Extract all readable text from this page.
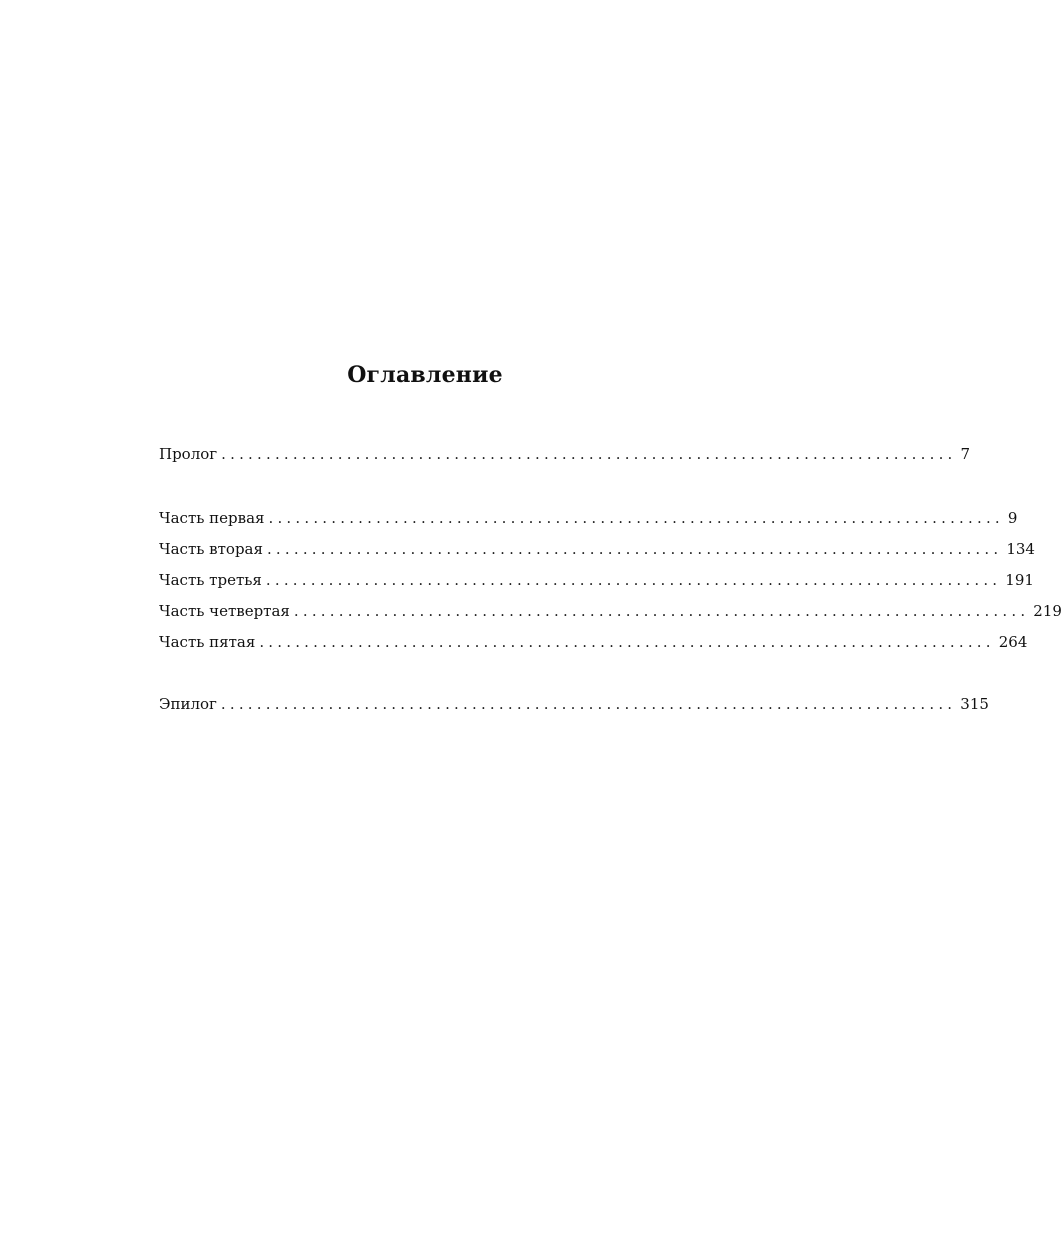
Оглавление
Пролог .................................................................................. 7
Часть первая .................................................................................. 9
Часть вторая .................................................................................. 134
Часть третья .................................................................................. 191
Часть четвертая .................................................................................. 219
Часть пятая .................................................................................. 264
Эпилог .................................................................................. 315
